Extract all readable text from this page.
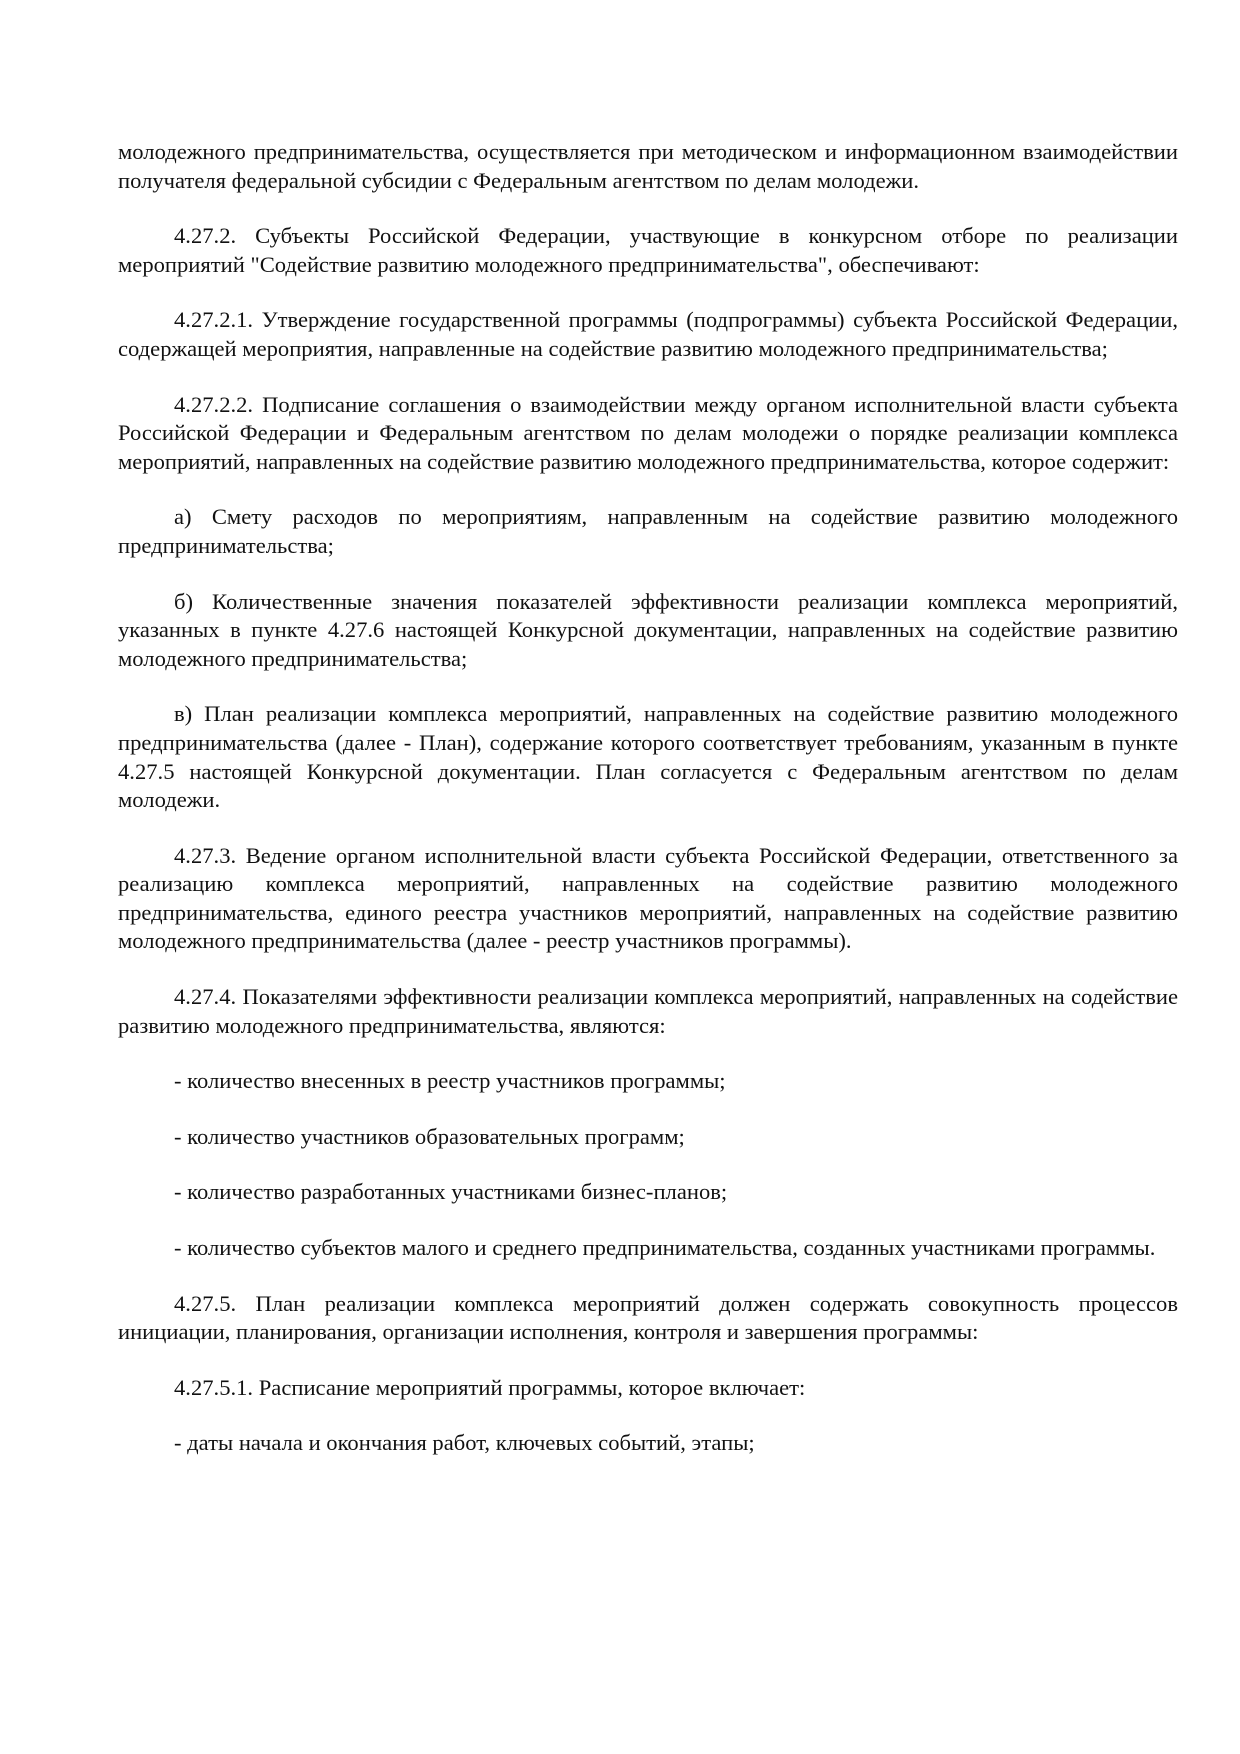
молодежного предпринимательства, осуществляется при методическом и информационном взаимодействии получателя федеральной субсидии с Федеральным агентством по делам молодежи.

4.27.2. Субъекты Российской Федерации, участвующие в конкурсном отборе по реализации мероприятий "Содействие развитию молодежного предпринимательства", обеспечивают:

4.27.2.1. Утверждение государственной программы (подпрограммы) субъекта Российской Федерации, содержащей мероприятия, направленные на содействие развитию молодежного предпринимательства;

4.27.2.2. Подписание соглашения о взаимодействии между органом исполнительной власти субъекта Российской Федерации и Федеральным агентством по делам молодежи о порядке реализации комплекса мероприятий, направленных на содействие развитию молодежного предпринимательства, которое содержит:

а) Смету расходов по мероприятиям, направленным на содействие развитию молодежного предпринимательства;

б) Количественные значения показателей эффективности реализации комплекса мероприятий, указанных в пункте 4.27.6 настоящей Конкурсной документации, направленных на содействие развитию молодежного предпринимательства;

в) План реализации комплекса мероприятий, направленных на содействие развитию молодежного предпринимательства (далее - План), содержание которого соответствует требованиям, указанным в пункте 4.27.5 настоящей Конкурсной документации. План согласуется с Федеральным агентством по делам молодежи.

4.27.3. Ведение органом исполнительной власти субъекта Российской Федерации, ответственного за реализацию комплекса мероприятий, направленных на содействие развитию молодежного предпринимательства, единого реестра участников мероприятий, направленных на содействие развитию молодежного предпринимательства (далее - реестр участников программы).

4.27.4. Показателями эффективности реализации комплекса мероприятий, направленных на содействие развитию молодежного предпринимательства, являются:

- количество внесенных в реестр участников программы;

- количество участников образовательных программ;

- количество разработанных участниками бизнес-планов;

- количество субъектов малого и среднего предпринимательства, созданных участниками программы.

4.27.5. План реализации комплекса мероприятий должен содержать совокупность процессов инициации, планирования, организации исполнения, контроля и завершения программы:

4.27.5.1. Расписание мероприятий программы, которое включает:

- даты начала и окончания работ, ключевых событий, этапы;
